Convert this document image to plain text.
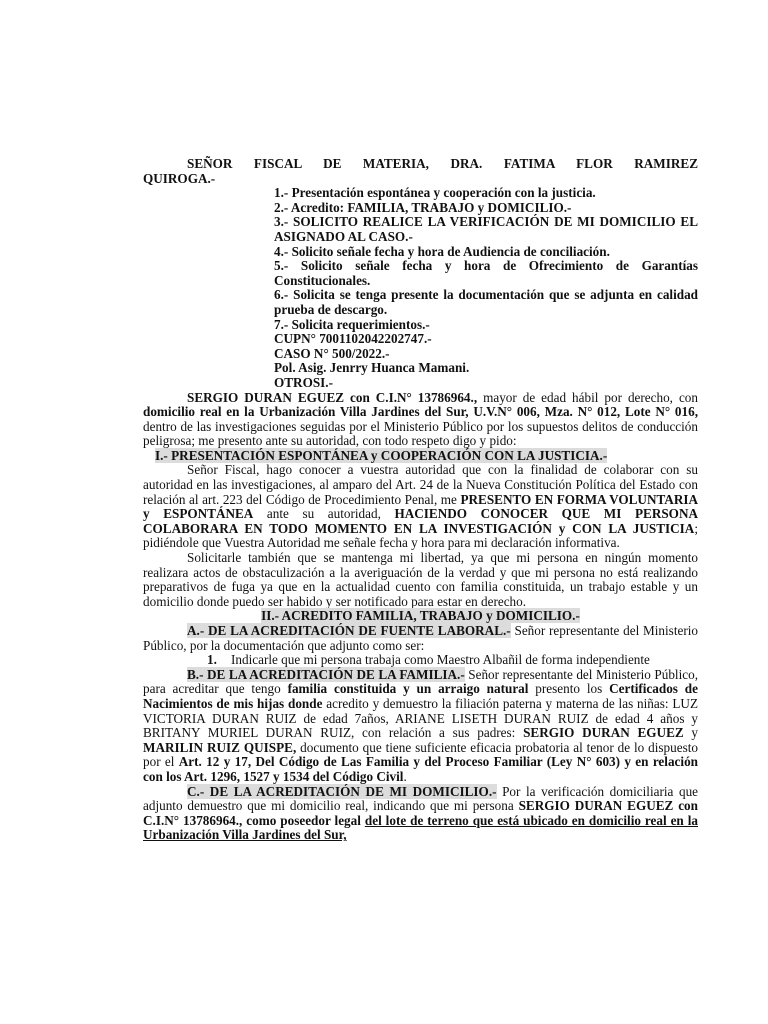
SEÑOR FISCAL DE MATERIA, DRA. FATIMA FLOR RAMIREZ

QUIROGA.-

1.- Presentación espontánea y cooperación con la justicia.

2.- Acredito: FAMILIA, TRABAJO y DOMICILIO.-

3.- SOLICITO REALICE LA VERIFICACIÓN DE MI DOMICILIO EL ASIGNADO AL CASO.-

4.- Solicito señale fecha y hora de Audiencia de conciliación.

5.- Solicito señale fecha y hora de Ofrecimiento de Garantías Constitucionales.

6.- Solicita se tenga presente la documentación que se adjunta en calidad prueba de descargo.

7.- Solicita requerimientos.-

CUPN° 7001102042202747.-

CASO N° 500/2022.-

Pol. Asig. Jenrry Huanca Mamani.

OTROSI.-

SERGIO DURAN EGUEZ con C.I.N° 13786964., mayor de edad hábil por derecho, con domicilio real en la Urbanización Villa Jardines del Sur, U.V.N° 006, Mza. N° 012, Lote N° 016, dentro de las investigaciones seguidas por el Ministerio Público por los supuestos delitos de conducción peligrosa; me presento ante su autoridad, con todo respeto digo y pido:

I.- PRESENTACIÓN ESPONTÁNEA y COOPERACIÓN CON LA JUSTICIA.-

Señor Fiscal, hago conocer a vuestra autoridad que con la finalidad de colaborar con su autoridad en las investigaciones, al amparo del Art. 24 de la Nueva Constitución Política del Estado con relación al art. 223 del Código de Procedimiento Penal, me PRESENTO EN FORMA VOLUNTARIA y ESPONTÁNEA ante su autoridad, HACIENDO CONOCER QUE MI PERSONA COLABORARA EN TODO MOMENTO EN LA INVESTIGACIÓN y CON LA JUSTICIA; pidiéndole que Vuestra Autoridad me señale fecha y hora para mi declaración informativa.

Solicitarle también que se mantenga mi libertad, ya que mi persona en ningún momento realizara actos de obstaculización a la averiguación de la verdad y que mi persona no está realizando preparativos de fuga ya que en la actualidad cuento con familia constituida, un trabajo estable y un domicilio donde puedo ser habido y ser notificado para estar en derecho.

II.- ACREDITO FAMILIA, TRABAJO y DOMICILIO.-

A.- DE LA ACREDITACIÓN DE FUENTE LABORAL.- Señor representante del Ministerio Público, por la documentación que adjunto como ser:

1.	Indicarle que mi persona trabaja como Maestro Albañil de forma independiente

B.- DE LA ACREDITACIÓN DE LA FAMILIA.- Señor representante del Ministerio Público, para acreditar que tengo familia constituida y un arraigo natural presento los Certificados de Nacimientos de mis hijas donde acredito y demuestro la filiación paterna y materna de las niñas: LUZ VICTORIA DURAN RUIZ de edad 7años, ARIANE LISETH DURAN RUIZ de edad 4 años y BRITANY MURIEL DURAN RUIZ, con relación a sus padres: SERGIO DURAN EGUEZ y MARILIN RUIZ QUISPE, documento que tiene suficiente eficacia probatoria al tenor de lo dispuesto por el Art. 12 y 17, Del Código de Las Familia y del Proceso Familiar (Ley N° 603) y en relación con los Art. 1296, 1527 y 1534 del Código Civil.

C.- DE LA ACREDITACIÓN DE MI DOMICILIO.- Por la verificación domiciliaria que adjunto demuestro que mi domicilio real, indicando que mi persona SERGIO DURAN EGUEZ con C.I.N° 13786964., como poseedor legal del lote de terreno que está ubicado en domicilio real en la Urbanización Villa Jardines del Sur,
